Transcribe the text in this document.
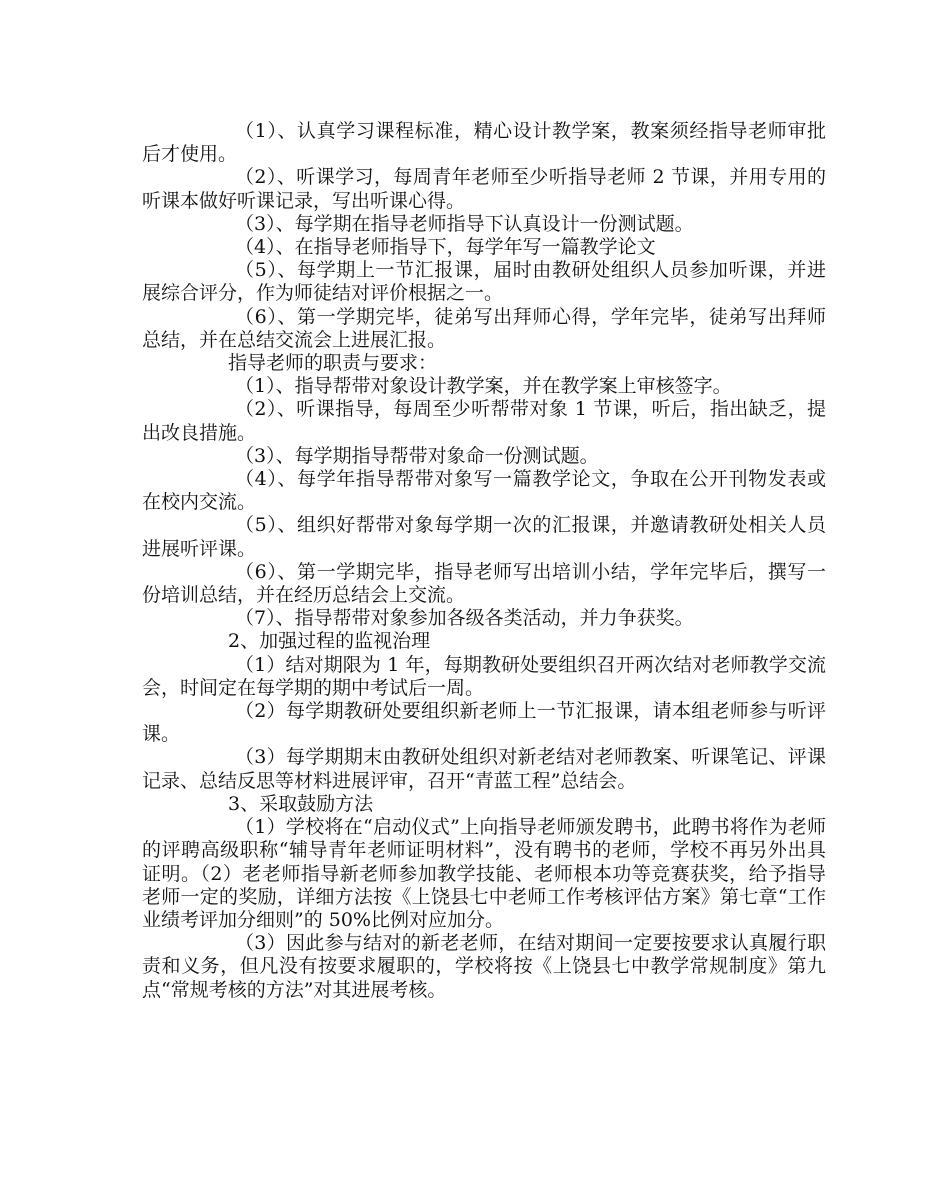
（1）、认真学习课程标准，精心设计教学案，教案须经指导老师审批后才使用。

（2）、听课学习，每周青年老师至少听指导老师 2 节课，并用专用的听课本做好听课记录，写出听课心得。

（3）、每学期在指导老师指导下认真设计一份测试题。

（4）、在指导老师指导下，每学年写一篇教学论文

（5）、每学期上一节汇报课，届时由教研处组织人员参加听课，并进展综合评分，作为师徒结对评价根据之一。

（6）、第一学期完毕，徒弟写出拜师心得，学年完毕，徒弟写出拜师总结，并在总结交流会上进展汇报。

指导老师的职责与要求：

（1）、指导帮带对象设计教学案，并在教学案上审核签字。

（2）、听课指导，每周至少听帮带对象 1 节课，听后，指出缺乏，提出改良措施。

（3）、每学期指导帮带对象命一份测试题。

（4）、每学年指导帮带对象写一篇教学论文，争取在公开刊物发表或在校内交流。

（5）、组织好帮带对象每学期一次的汇报课，并邀请教研处相关人员进展听评课。

（6）、第一学期完毕，指导老师写出培训小结，学年完毕后，撰写一份培训总结，并在经历总结会上交流。

（7）、指导帮带对象参加各级各类活动，并力争获奖。

2、加强过程的监视治理

（1）结对期限为 1 年，每期教研处要组织召开两次结对老师教学交流会，时间定在每学期的期中考试后一周。

（2）每学期教研处要组织新老师上一节汇报课，请本组老师参与听评课。

（3）每学期期末由教研处组织对新老结对老师教案、听课笔记、评课记录、总结反思等材料进展评审，召开“青蓝工程”总结会。

3、采取鼓励方法

（1）学校将在“启动仪式”上向指导老师颁发聘书，此聘书将作为老师的评聘高级职称“辅导青年老师证明材料”，没有聘书的老师，学校不再另外出具证明。（2）老老师指导新老师参加教学技能、老师根本功等竞赛获奖，给予指导老师一定的奖励，详细方法按《上饶县七中老师工作考核评估方案》第七章“工作业绩考评加分细则”的 50%比例对应加分。

（3）因此参与结对的新老老师，在结对期间一定要按要求认真履行职责和义务，但凡没有按要求履职的，学校将按《上饶县七中教学常规制度》第九点“常规考核的方法”对其进展考核。
